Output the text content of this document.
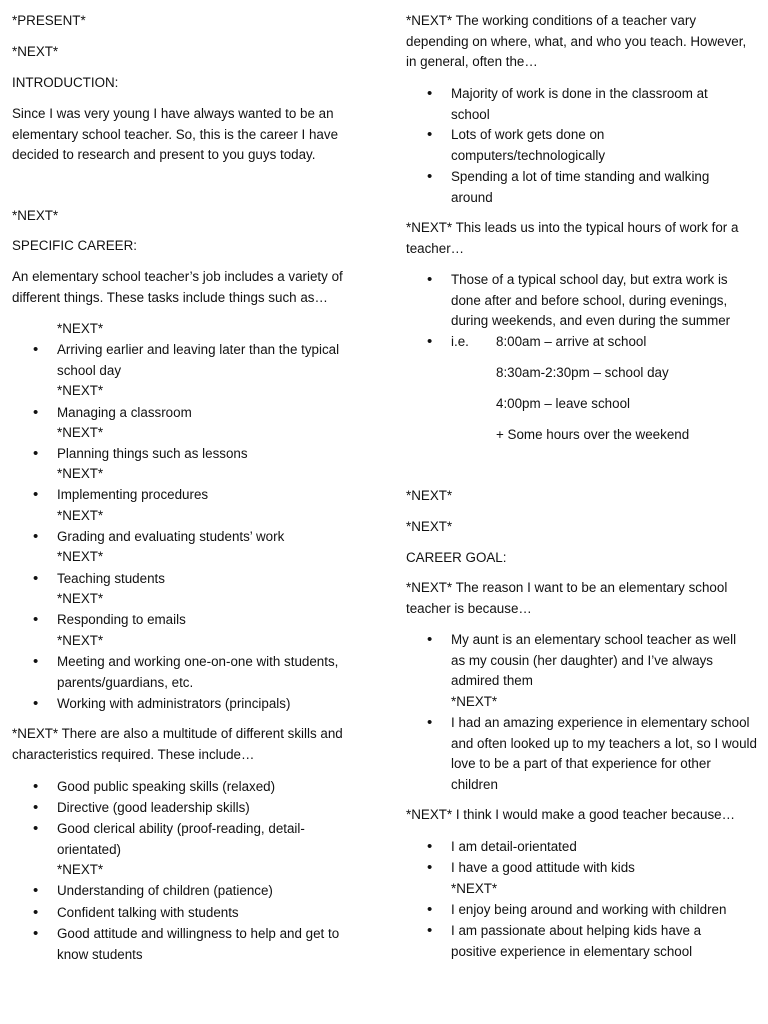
*PRESENT*

*NEXT*

INTRODUCTION:

Since I was very young I have always wanted to be an elementary school teacher. So, this is the career I have decided to research and present to you guys today.

*NEXT*

SPECIFIC CAREER:

An elementary school teacher’s job includes a variety of different things. These tasks include things such as…

*NEXT*

• Arriving earlier and leaving later than the typical school day

*NEXT*

• Managing a classroom

*NEXT*

• Planning things such as lessons

*NEXT*

• Implementing procedures

*NEXT*

• Grading and evaluating students’ work

*NEXT*

• Teaching students

*NEXT*

• Responding to emails

*NEXT*

• Meeting and working one-on-one with students, parents/guardians, etc.

• Working with administrators (principals)

*NEXT* There are also a multitude of different skills and characteristics required. These include…

• Good public speaking skills (relaxed)

• Directive (good leadership skills)

• Good clerical ability (proof-reading, detail-orientated)

*NEXT*

• Understanding of children (patience)

• Confident talking with students

• Good attitude and willingness to help and get to know students

*NEXT* The working conditions of a teacher vary depending on where, what, and who you teach. However, in general, often the…

• Majority of work is done in the classroom at school

• Lots of work gets done on computers/technologically

• Spending a lot of time standing and walking around

*NEXT* This leads us into the typical hours of work for a teacher…

• Those of a typical school day, but extra work is done after and before school, during evenings, during weekends, and even during the summer

• i.e. 8:00am – arrive at school

8:30am-2:30pm – school day

4:00pm – leave school

+ Some hours over the weekend

*NEXT*

*NEXT*

CAREER GOAL:

*NEXT* The reason I want to be an elementary school teacher is because…

• My aunt is an elementary school teacher as well as my cousin (her daughter) and I’ve always admired them

*NEXT*

• I had an amazing experience in elementary school and often looked up to my teachers a lot, so I would love to be a part of that experience for other children

*NEXT* I think I would make a good teacher because…

• I am detail-orientated

• I have a good attitude with kids

*NEXT*

• I enjoy being around and working with children

• I am passionate about helping kids have a positive experience in elementary school
